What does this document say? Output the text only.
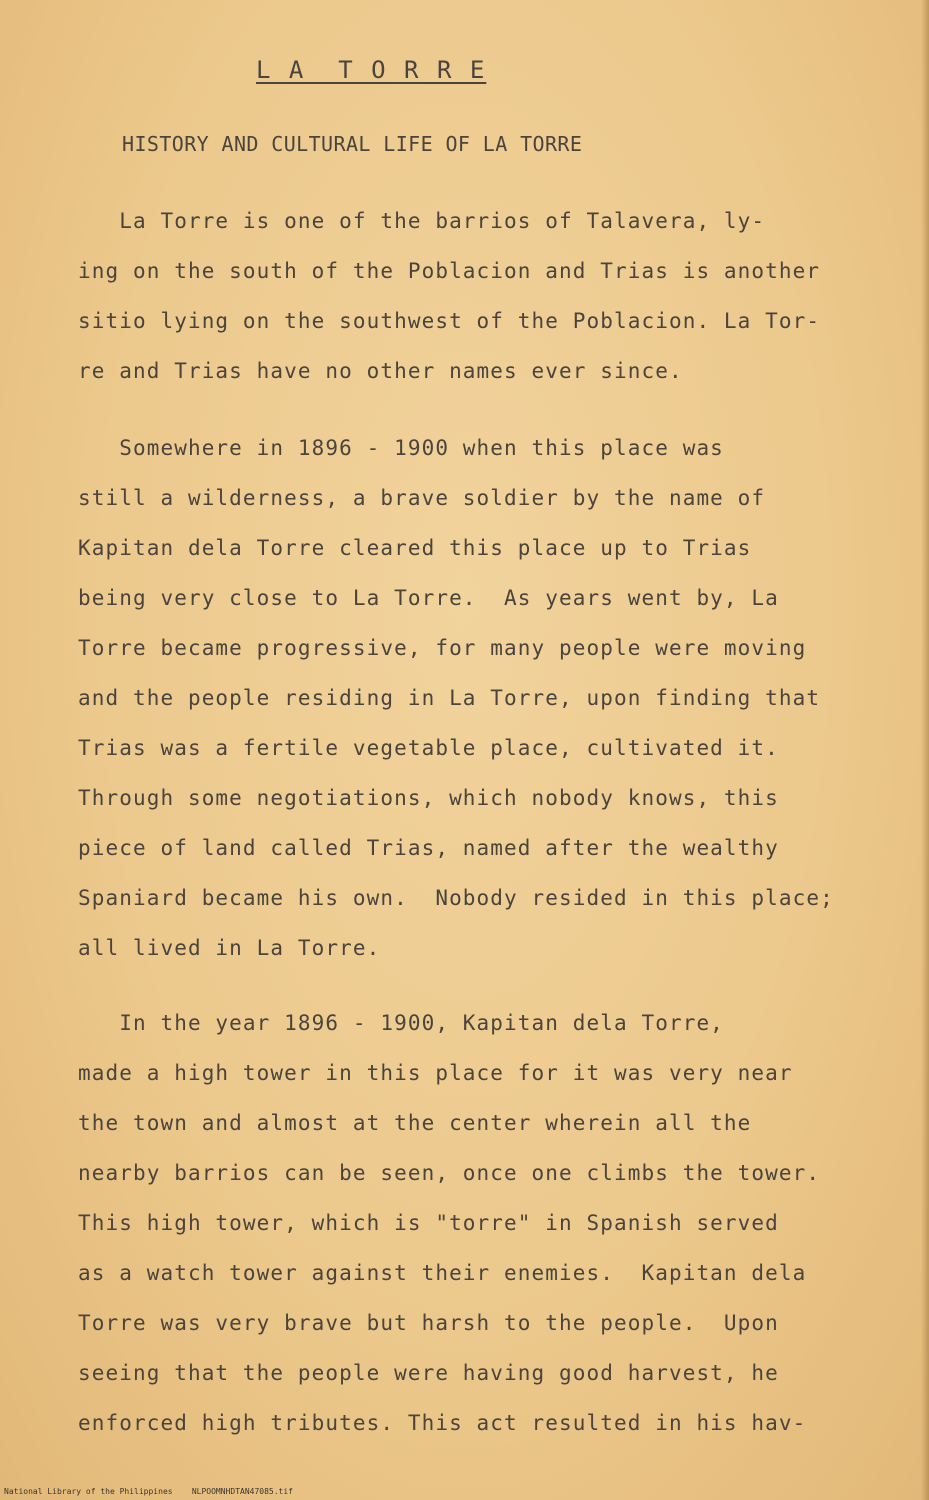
L A  T O R R E
HISTORY AND CULTURAL LIFE OF LA TORRE
La Torre is one of the barrios of Talavera, ly-
ing on the south of the Poblacion and Trias is another
sitio lying on the southwest of the Poblacion. La Tor-
re and Trias have no other names ever since.
Somewhere in 1896 - 1900 when this place was
still a wilderness, a brave soldier by the name of
Kapitan dela Torre cleared this place up to Trias
being very close to La Torre.  As years went by, La
Torre became progressive, for many people were moving
and the people residing in La Torre, upon finding that
Trias was a fertile vegetable place, cultivated it.
Through some negotiations, which nobody knows, this
piece of land called Trias, named after the wealthy
Spaniard became his own.  Nobody resided in this place;
all lived in La Torre.
In the year 1896 - 1900, Kapitan dela Torre,
made a high tower in this place for it was very near
the town and almost at the center wherein all the
nearby barrios can be seen, once one climbs the tower.
This high tower, which is "torre" in Spanish served
as a watch tower against their enemies.  Kapitan dela
Torre was very brave but harsh to the people.  Upon
seeing that the people were having good harvest, he
enforced high tributes. This act resulted in his hav-
National Library of the Philippines    NLPOOMNHDTAN47085.tif
